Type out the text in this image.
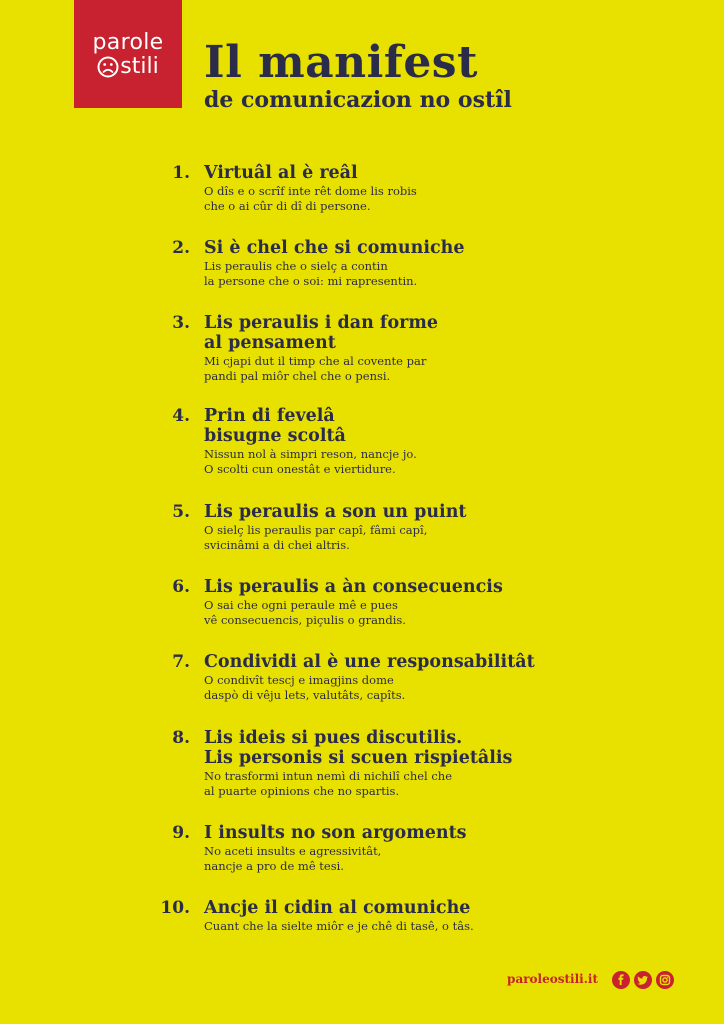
parole
stili Il manifest
de comunicazion no ostîl
1. Virtuâl al è reâl
O dîs e o scrîf inte rêt dome lis robis
che o ai cûr di dî di persone.
2. Si è chel che si comuniche
Lis peraulis che o sielç a contin
la persone che o soi: mi rapresentin.
3. Lis peraulis i dan forme
al pensament
Mi cjapi dut il timp che al covente par
pandi pal miôr chel che o pensi.
4. Prin di fevelâ
bisugne scoltâ
Nissun nol à simpri reson, nancje jo.
O scolti cun onestât e viertidure.
5. Lis peraulis a son un puint
O sielç lis peraulis par capî, fâmi capî,
svicinâmi a di chei altris.
6. Lis peraulis a àn consecuencis
O sai che ogni peraule mê e pues
vê consecuencis, piçulis o grandis.
7. Condividi al è une responsabilitât
O condivît tescj e imagjins dome
daspò di vêju lets, valutâts, capîts.
8. Lis ideis si pues discutilis.
Lis personis si scuen rispietâlis
No trasformi intun nemì di nichilî chel che
al puarte opinions che no spartis.
9. I insults no son argoments
No aceti insults e agressivitât,
nancje a pro de mê tesi.
10. Ancje il cidin al comuniche
Cuant che la sielte miôr e je chê di tasê, o tâs.
paroleostili.it
